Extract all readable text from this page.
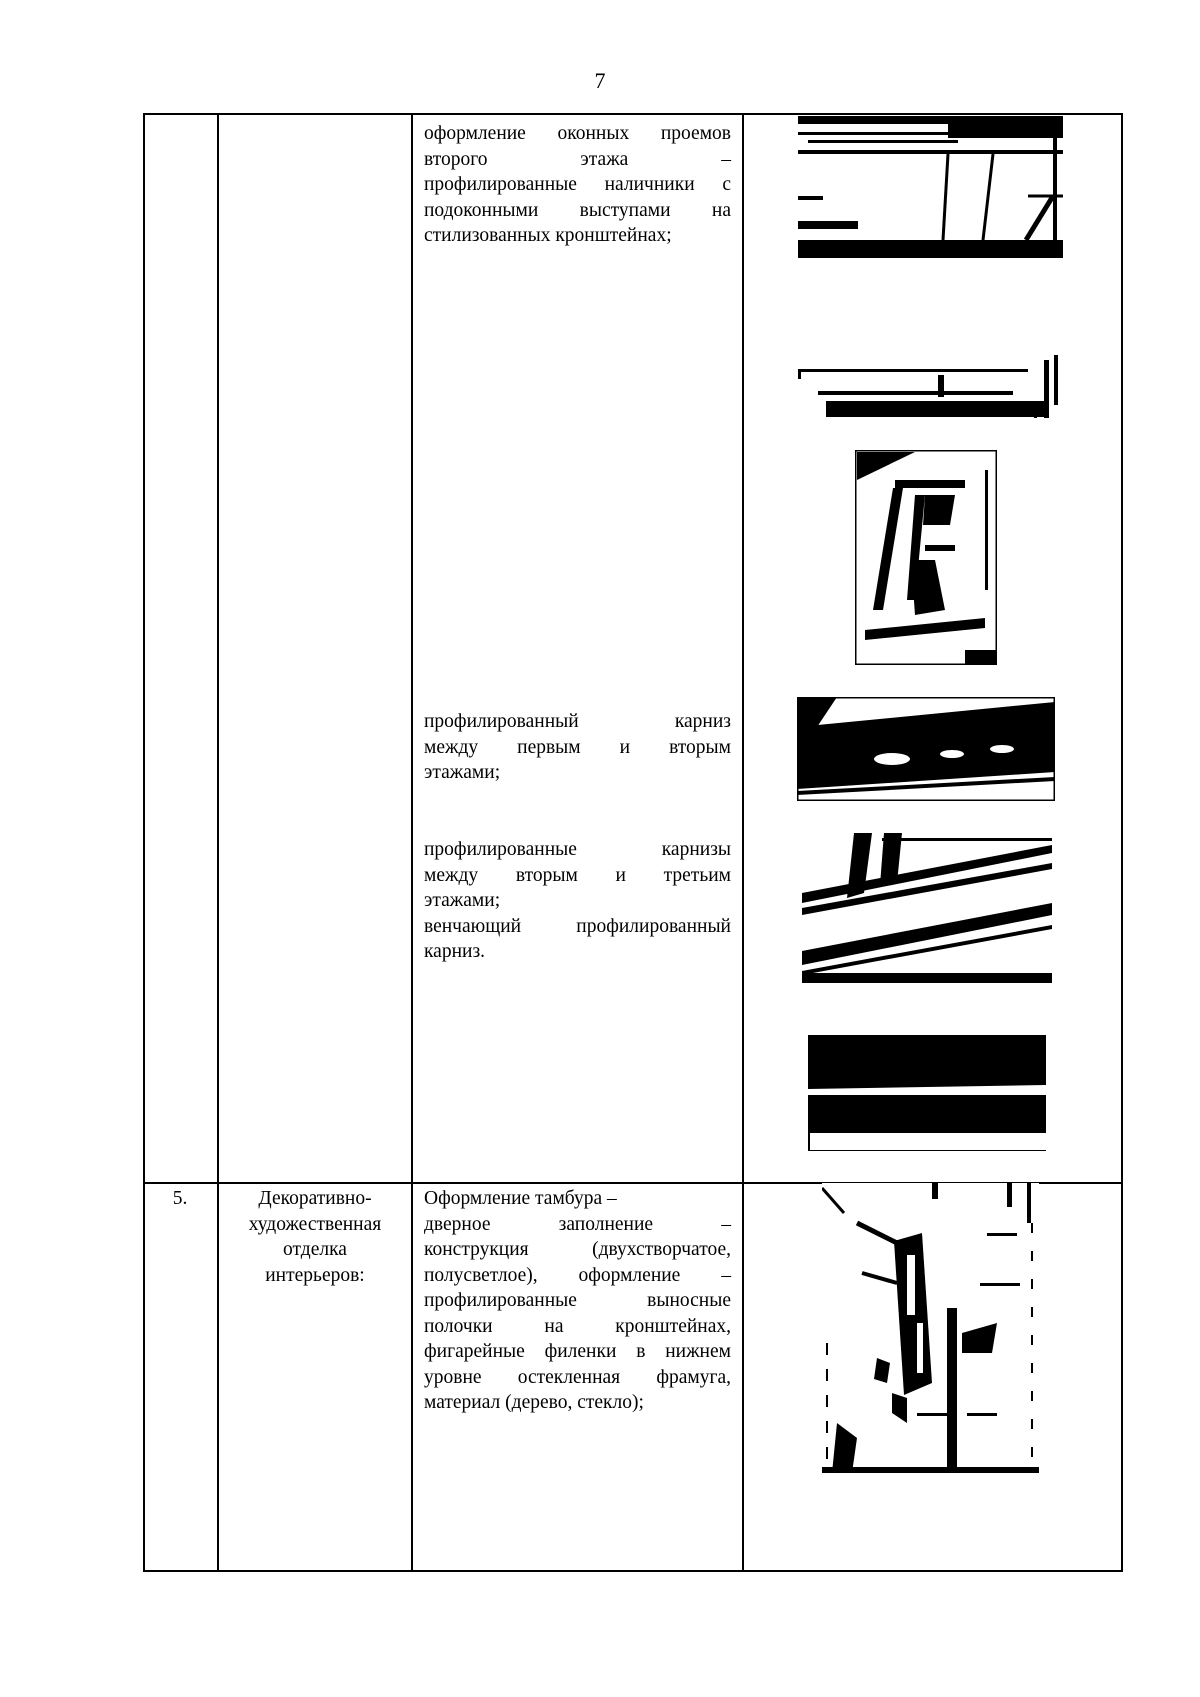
7
оформление оконных проемов
второго этажа –
профилированные наличники с
подоконными выступами на
стилизованных кронштейнах;
профилированный карниз
между первым и вторым
этажами;
профилированные карнизы
между вторым и третьим
этажами;
венчающий профилированный
карниз.
5.	Декоративно-
художественная
отделка
интерьеров:
Оформление тамбура –
дверное заполнение –
конструкция (двухстворчатое,
полусветлое), оформление –
профилированные выносные
полочки на кронштейнах,
фигарейные филенки в нижнем
уровне остекленная фрамуга,
материал (дерево, стекло);
